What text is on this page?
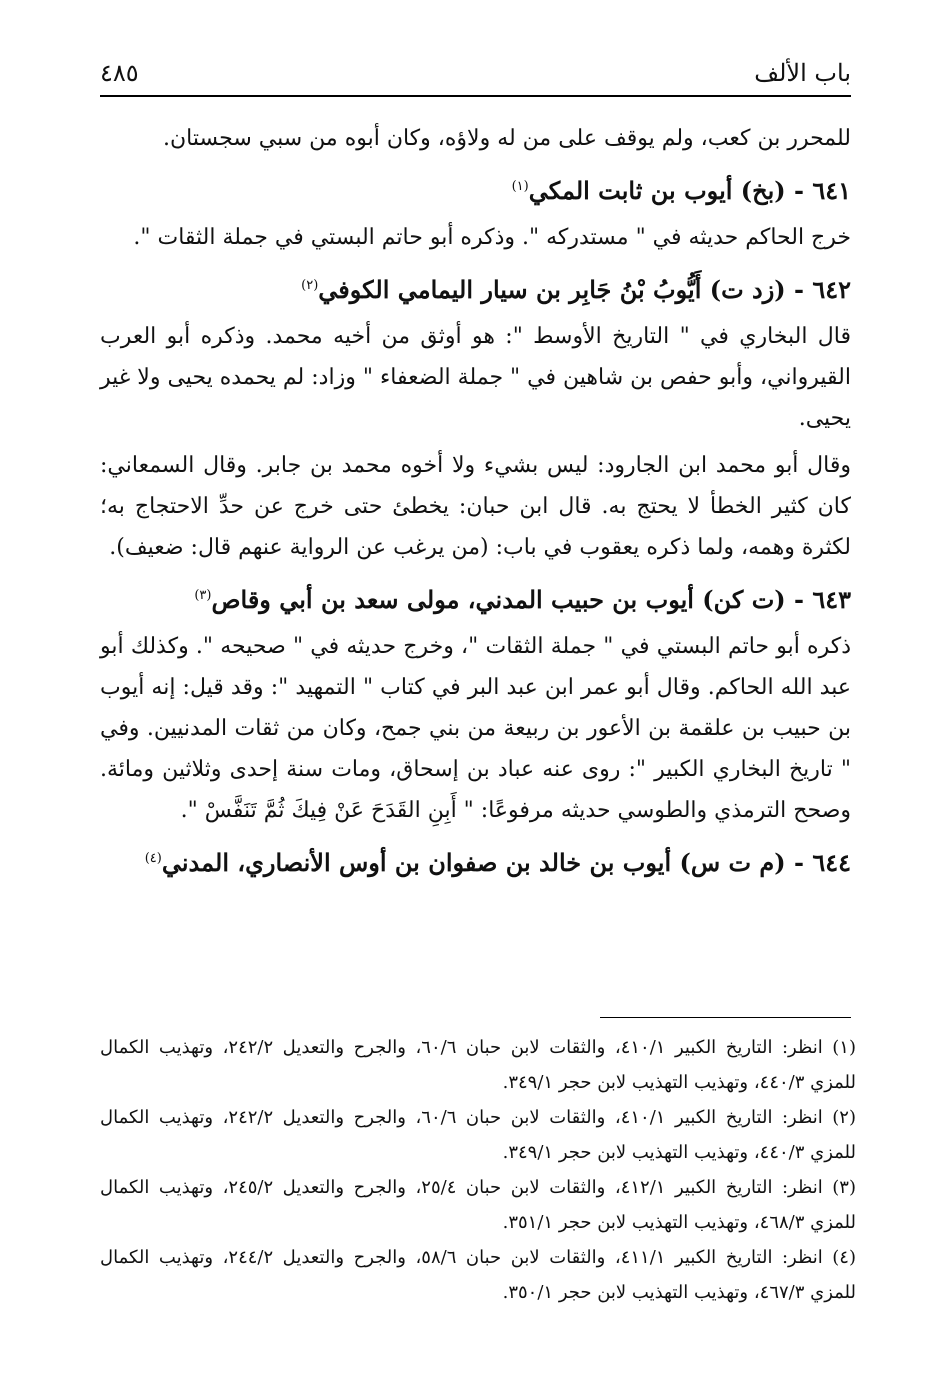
باب الألف
٤٨٥

للمحرر بن كعب، ولم يوقف على من له ولاؤه، وكان أبوه من سبي سجستان.

٦٤١ - (بخ) أيوب بن ثابت المكي$^{(١)}$

خرج الحاكم حديثه في " مستدركه ". وذكره أبو حاتم البستي في جملة الثقات ".

٦٤٢ - (زد ت) أَيُّوبُ بْنُ جَابِر بن سيار اليمامي الكوفي$^{(٢)}$

قال البخاري في " التاريخ الأوسط ": هو أوثق من أخيه محمد. وذكره أبو العرب القيرواني، وأبو حفص بن شاهين في " جملة الضعفاء " وزاد: لم يحمده يحيى ولا غير يحيى.

وقال أبو محمد ابن الجارود: ليس بشيء ولا أخوه محمد بن جابر. وقال السمعاني: كان كثير الخطأ لا يحتج به. قال ابن حبان: يخطئ حتى خرج عن حدِّ الاحتجاج به؛ لكثرة وهمه، ولما ذكره يعقوب في باب: (من يرغب عن الرواية عنهم قال: ضعيف).

٦٤٣ - (ت كن) أيوب بن حبيب المدني، مولى سعد بن أبي وقاص$^{(٣)}$

ذكره أبو حاتم البستي في " جملة الثقات "، وخرج حديثه في " صحيحه ". وكذلك أبو عبد الله الحاكم. وقال أبو عمر ابن عبد البر في كتاب " التمهيد ": وقد قيل: إنه أيوب بن حبيب بن علقمة بن الأعور بن ربيعة من بني جمح، وكان من ثقات المدنيين. وفي " تاريخ البخاري الكبير ": روى عنه عباد بن إسحاق، ومات سنة إحدى وثلاثين ومائة. وصحح الترمذي والطوسي حديثه مرفوعًا: " أَبِنِ القَدَحَ عَنْ فِيكَ ثُمَّ تَنَفَّسْ ".

٦٤٤ - (م ت س) أيوب بن خالد بن صفوان بن أوس الأنصاري، المدني$^{(٤)}$

(١) انظر: التاريخ الكبير ٤١٠/١، والثقات لابن حبان ٦٠/٦، والجرح والتعديل ٢٤٢/٢، وتهذيب الكمال للمزي ٤٤٠/٣، وتهذيب التهذيب لابن حجر ٣٤٩/١.

(٢) انظر: التاريخ الكبير ٤١٠/١، والثقات لابن حبان ٦٠/٦، والجرح والتعديل ٢٤٢/٢، وتهذيب الكمال للمزي ٤٤٠/٣، وتهذيب التهذيب لابن حجر ٣٤٩/١.

(٣) انظر: التاريخ الكبير ٤١٢/١، والثقات لابن حبان ٢٥/٤، والجرح والتعديل ٢٤٥/٢، وتهذيب الكمال للمزي ٤٦٨/٣، وتهذيب التهذيب لابن حجر ٣٥١/١.

(٤) انظر: التاريخ الكبير ٤١١/١، والثقات لابن حبان ٥٨/٦، والجرح والتعديل ٢٤٤/٢، وتهذيب الكمال للمزي ٤٦٧/٣، وتهذيب التهذيب لابن حجر ٣٥٠/١.
